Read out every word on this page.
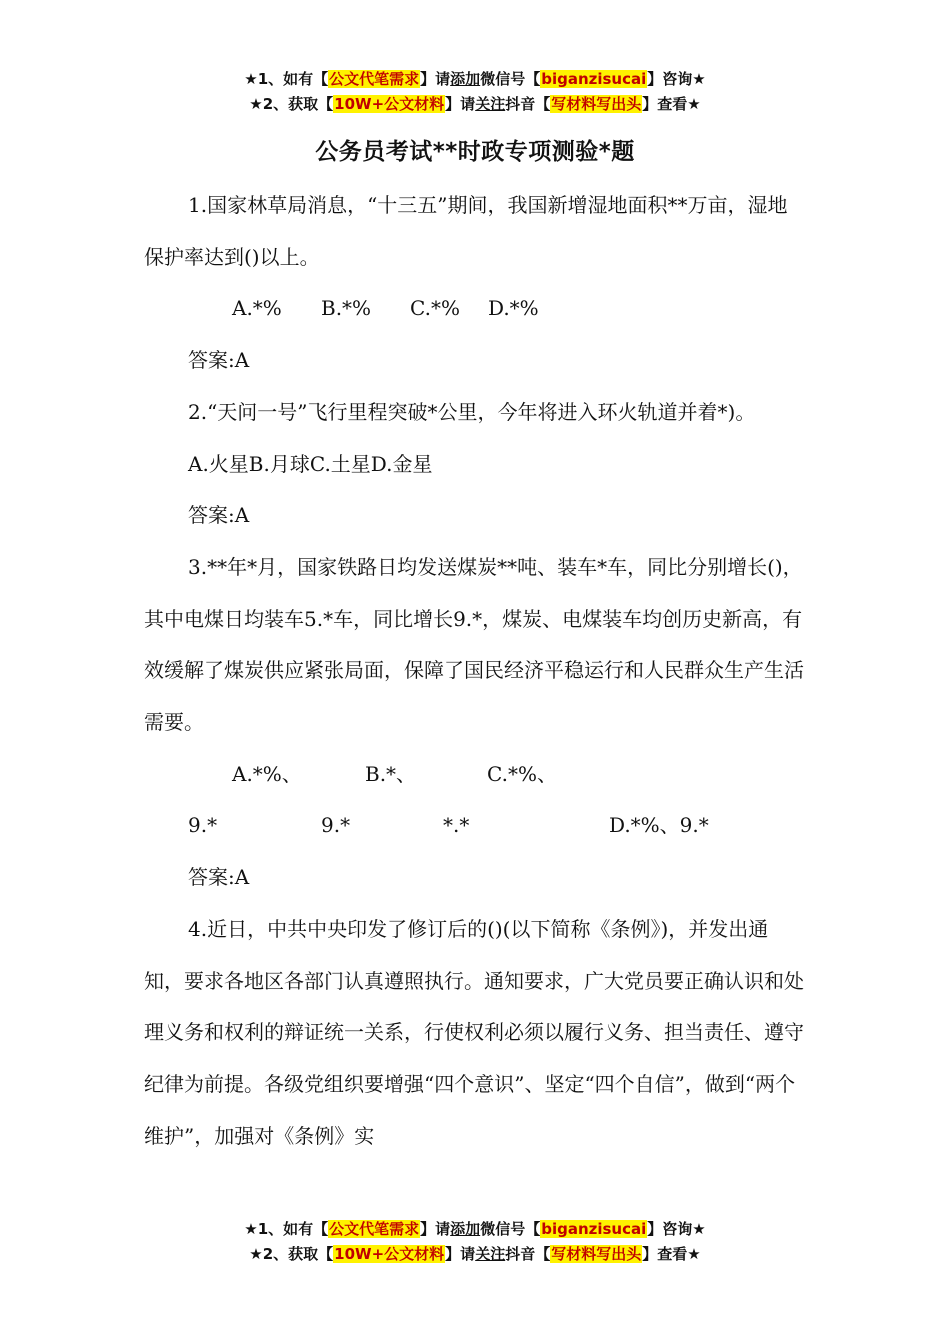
★1、如有【公文代笔需求】请添加微信号【biganzisucai】咨询★
★2、获取【10W+公文材料】请关注抖音【写材料写出头】查看★
公务员考试**时政专项测验*题

1.国家林草局消息，“十三五”期间，我国新增湿地面积**万亩，湿地保护率达到()以上。

A.*% B.*% C.*% D.*%

答案:A

2.“天问一号”飞行里程突破*公里，今年将进入环火轨道并着*)。

A.火星B.月球C.土星D.金星

答案:A

3.**年*月，国家铁路日均发送煤炭**吨、装车*车，同比分别增长()，其中电煤日均装车5.*车，同比增长9.*，煤炭、电煤装车均创历史新高，有效缓解了煤炭供应紧张局面，保障了国民经济平稳运行和人民群众生产生活需要。

A.*%、9.*B.*、9.*C.*%、*.*	D.*%、9.*

答案:A

4.近日，中共中央印发了修订后的()(以下简称《条例》)，并发出通知，要求各地区各部门认真遵照执行。通知要求，广大党员要正确认识和处理义务和权利的辩证统一关系，行使权利必须以履行义务、担当责任、遵守纪律为前提。各级党组织要增强“四个意识”、坚定“四个自信”，做到“两个维护”，加强对《条例》实

★1、如有【公文代笔需求】请添加微信号【biganzisucai】咨询★
★2、获取【10W+公文材料】请关注抖音【写材料写出头】查看★
